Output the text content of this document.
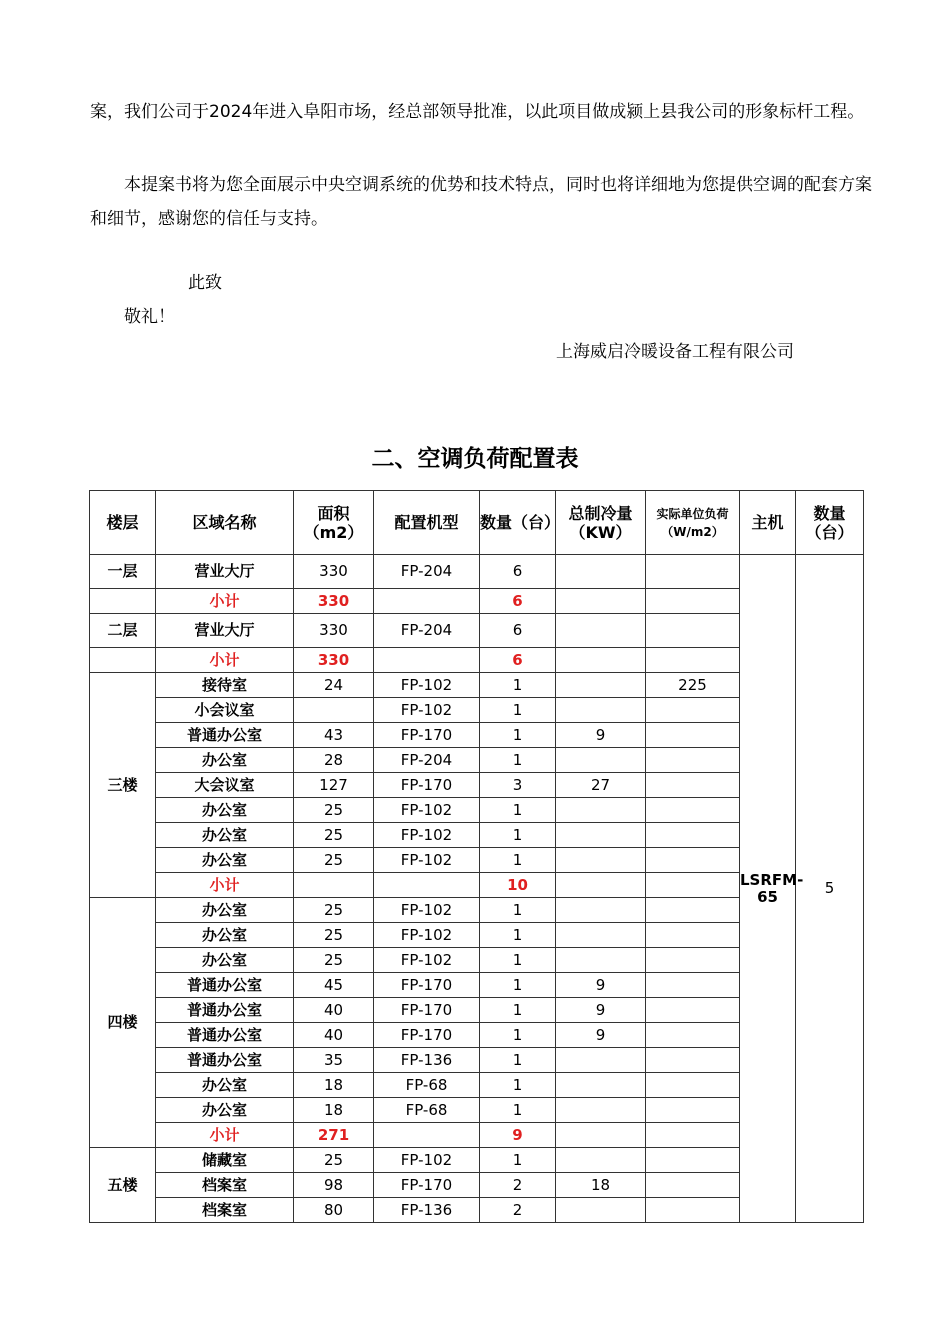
案，我们公司于2024年进入阜阳市场，经总部领导批准，以此项目做成颍上县我公司的形象标杆工程。

本提案书将为您全面展示中央空调系统的优势和技术特点，同时也将详细地为您提供空调的配套方案和细节，感谢您的信任与支持。

此致

敬礼！

上海威启冷暖设备工程有限公司

二、空调负荷配置表
楼层	区域名称	面积（m2）	配置机型	数量（台）	总制冷量（KW）	实际单位负荷（W/m2）	主机	数量（台）
一层	营业大厅	330	FP-204	6			LSRFM-65	5
	小计	330		6				
二层	营业大厅	330	FP-204	6				
	小计	330		6				
三楼	接待室	24	FP-102	1		225		
	小会议室		FP-102	1				
	普通办公室	43	FP-170	1	9			
	办公室	28	FP-204	1				
	大会议室	127	FP-170	3	27			
	办公室	25	FP-102	1				
	办公室	25	FP-102	1				
	办公室	25	FP-102	1				
	小计			10				
四楼	办公室	25	FP-102	1				
	办公室	25	FP-102	1				
	办公室	25	FP-102	1				
	普通办公室	45	FP-170	1	9			
	普通办公室	40	FP-170	1	9			
	普通办公室	40	FP-170	1	9			
	普通办公室	35	FP-136	1				
	办公室	18	FP-68	1				
	办公室	18	FP-68	1				
	小计	271		9				
五楼	储藏室	25	FP-102	1				
	档案室	98	FP-170	2	18			
	档案室	80	FP-136	2				
